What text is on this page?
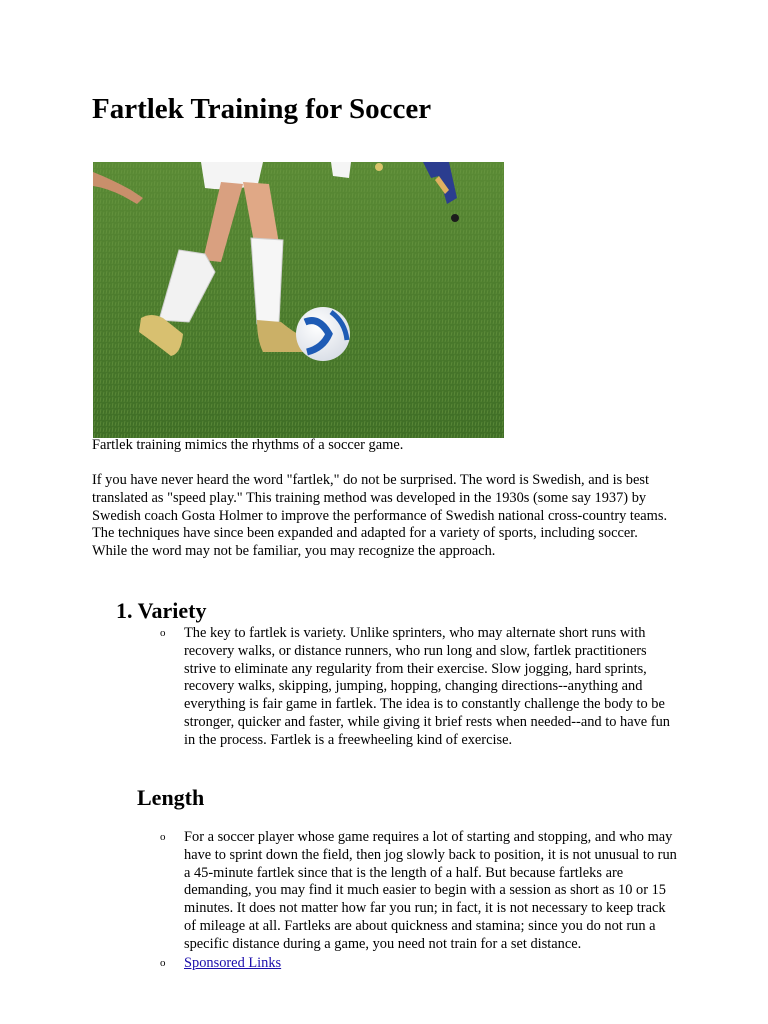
Fartlek Training for Soccer

Fartlek training mimics the rhythms of a soccer game.

If you have never heard the word "fartlek," do not be surprised. The word is Swedish, and is best translated as "speed play." This training method was developed in the 1930s (some say 1937) by Swedish coach Gosta Holmer to improve the performance of Swedish national cross-country teams. The techniques have since been expanded and adapted for a variety of sports, including soccer. While the word may not be familiar, you may recognize the approach.

1. Variety
o The key to fartlek is variety. Unlike sprinters, who may alternate short runs with recovery walks, or distance runners, who run long and slow, fartlek practitioners strive to eliminate any regularity from their exercise. Slow jogging, hard sprints, recovery walks, skipping, jumping, hopping, changing directions--anything and everything is fair game in fartlek. The idea is to constantly challenge the body to be stronger, quicker and faster, while giving it brief rests when needed--and to have fun in the process. Fartlek is a freewheeling kind of exercise.
Length
o For a soccer player whose game requires a lot of starting and stopping, and who may have to sprint down the field, then jog slowly back to position, it is not unusual to run a 45-minute fartlek since that is the length of a half. But because fartleks are demanding, you may find it much easier to begin with a session as short as 10 or 15 minutes. It does not matter how far you run; in fact, it is not necessary to keep track of mileage at all. Fartleks are about quickness and stamina; since you do not run a specific distance during a game, you need not train for a set distance.
o Sponsored Links
